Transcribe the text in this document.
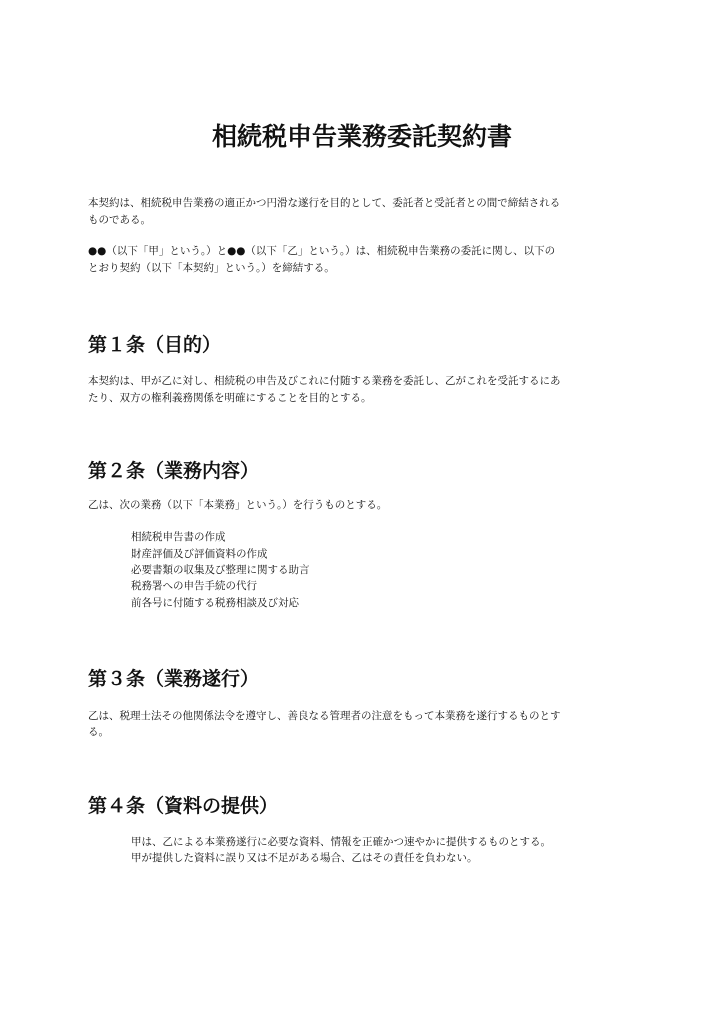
相続税申告業務委託契約書
本契約は、相続税申告業務の適正かつ円滑な遂行を目的として、委託者と受託者との間で締結される
ものである。
●●（以下「甲」という。）と●●（以下「乙」という。）は、相続税申告業務の委託に関し、以下の
とおり契約（以下「本契約」という。）を締結する。
第１条（目的）
本契約は、甲が乙に対し、相続税の申告及びこれに付随する業務を委託し、乙がこれを受託するにあ
たり、双方の権利義務関係を明確にすることを目的とする。
第２条（業務内容）
乙は、次の業務（以下「本業務」という。）を行うものとする。
相続税申告書の作成
財産評価及び評価資料の作成
必要書類の収集及び整理に関する助言
税務署への申告手続の代行
前各号に付随する税務相談及び対応
第３条（業務遂行）
乙は、税理士法その他関係法令を遵守し、善良なる管理者の注意をもって本業務を遂行するものとす
る。
第４条（資料の提供）
甲は、乙による本業務遂行に必要な資料、情報を正確かつ速やかに提供するものとする。
甲が提供した資料に誤り又は不足がある場合、乙はその責任を負わない。
